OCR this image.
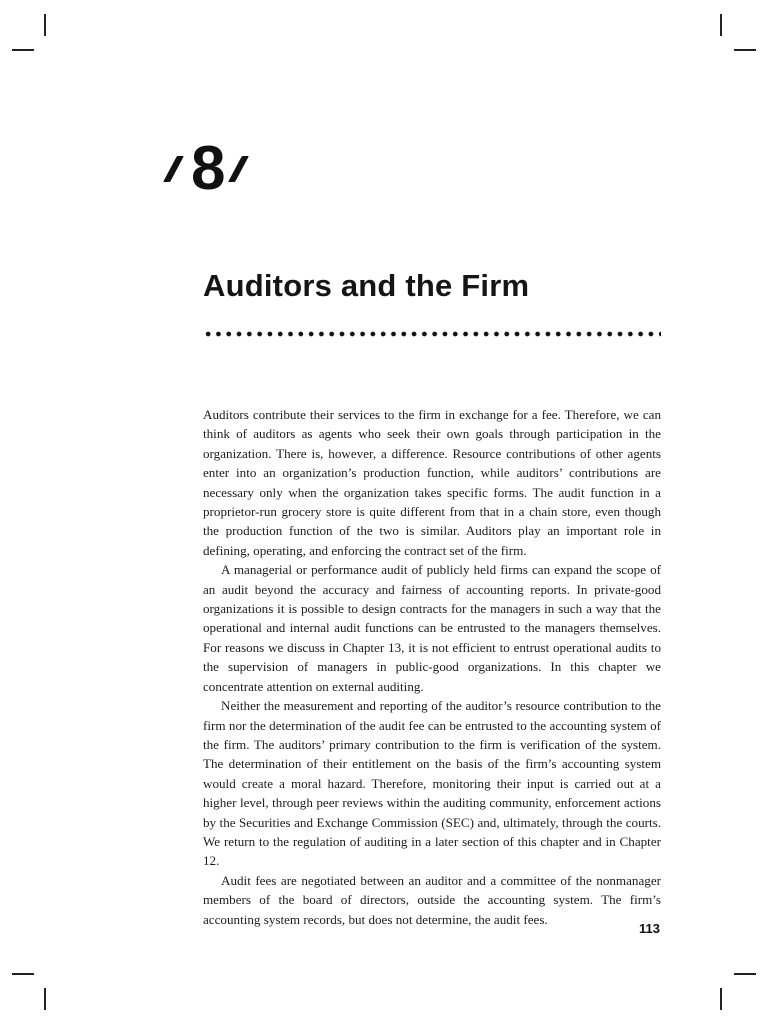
8
Auditors and the Firm

Auditors contribute their services to the firm in exchange for a fee. Therefore, we can think of auditors as agents who seek their own goals through participation in the organization. There is, however, a difference. Resource contributions of other agents enter into an organization’s production function, while auditors’ contributions are necessary only when the organization takes specific forms. The audit function in a proprietor-run grocery store is quite different from that in a chain store, even though the production function of the two is similar. Auditors play an important role in defining, operating, and enforcing the contract set of the firm.

A managerial or performance audit of publicly held firms can expand the scope of an audit beyond the accuracy and fairness of accounting reports. In private-good organizations it is possible to design contracts for the managers in such a way that the operational and internal audit functions can be entrusted to the managers themselves. For reasons we discuss in Chapter 13, it is not efficient to entrust operational audits to the supervision of managers in public-good organizations. In this chapter we concentrate attention on external auditing.

Neither the measurement and reporting of the auditor’s resource contribution to the firm nor the determination of the audit fee can be entrusted to the accounting system of the firm. The auditors’ primary contribution to the firm is verification of the system. The determination of their entitlement on the basis of the firm’s accounting system would create a moral hazard. Therefore, monitoring their input is carried out at a higher level, through peer reviews within the auditing community, enforcement actions by the Securities and Exchange Commission (SEC) and, ultimately, through the courts. We return to the regulation of auditing in a later section of this chapter and in Chapter 12.

Audit fees are negotiated between an auditor and a committee of the nonmanager members of the board of directors, outside the accounting system. The firm’s accounting system records, but does not determine, the audit fees.

113
